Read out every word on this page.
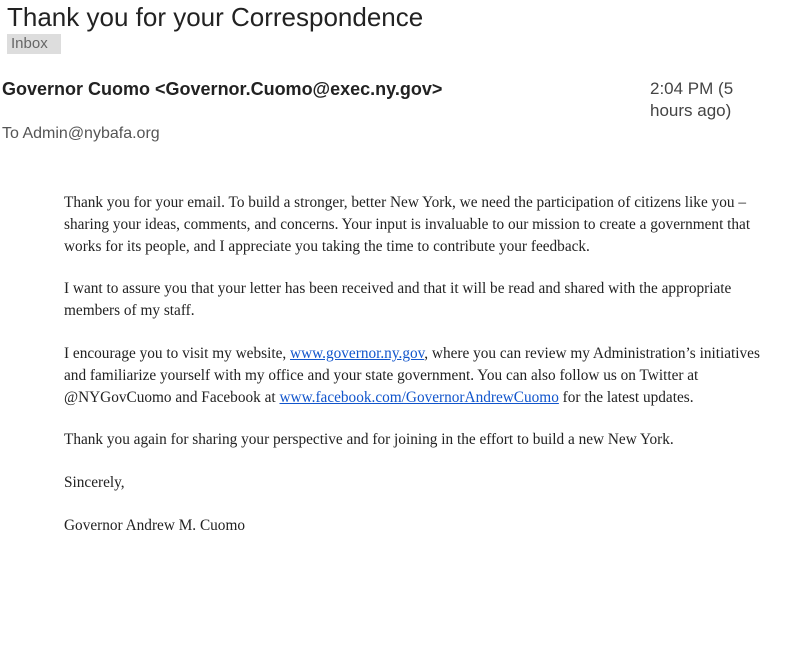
Thank you for your Correspondence
Inbox
Governor Cuomo <Governor.Cuomo@exec.ny.gov>	2:04 PM (5 hours ago)
To Admin@nybafa.org

Thank you for your email. To build a stronger, better New York, we need the participation of citizens like you – sharing your ideas, comments, and concerns. Your input is invaluable to our mission to create a government that works for its people, and I appreciate you taking the time to contribute your feedback.

I want to assure you that your letter has been received and that it will be read and shared with the appropriate members of my staff.

I encourage you to visit my website, www.governor.ny.gov, where you can review my Administration’s initiatives and familiarize yourself with my office and your state government. You can also follow us on Twitter at @NYGovCuomo and Facebook at www.facebook.com/GovernorAndrewCuomo for the latest updates.

Thank you again for sharing your perspective and for joining in the effort to build a new New York.

Sincerely,

Governor Andrew M. Cuomo
